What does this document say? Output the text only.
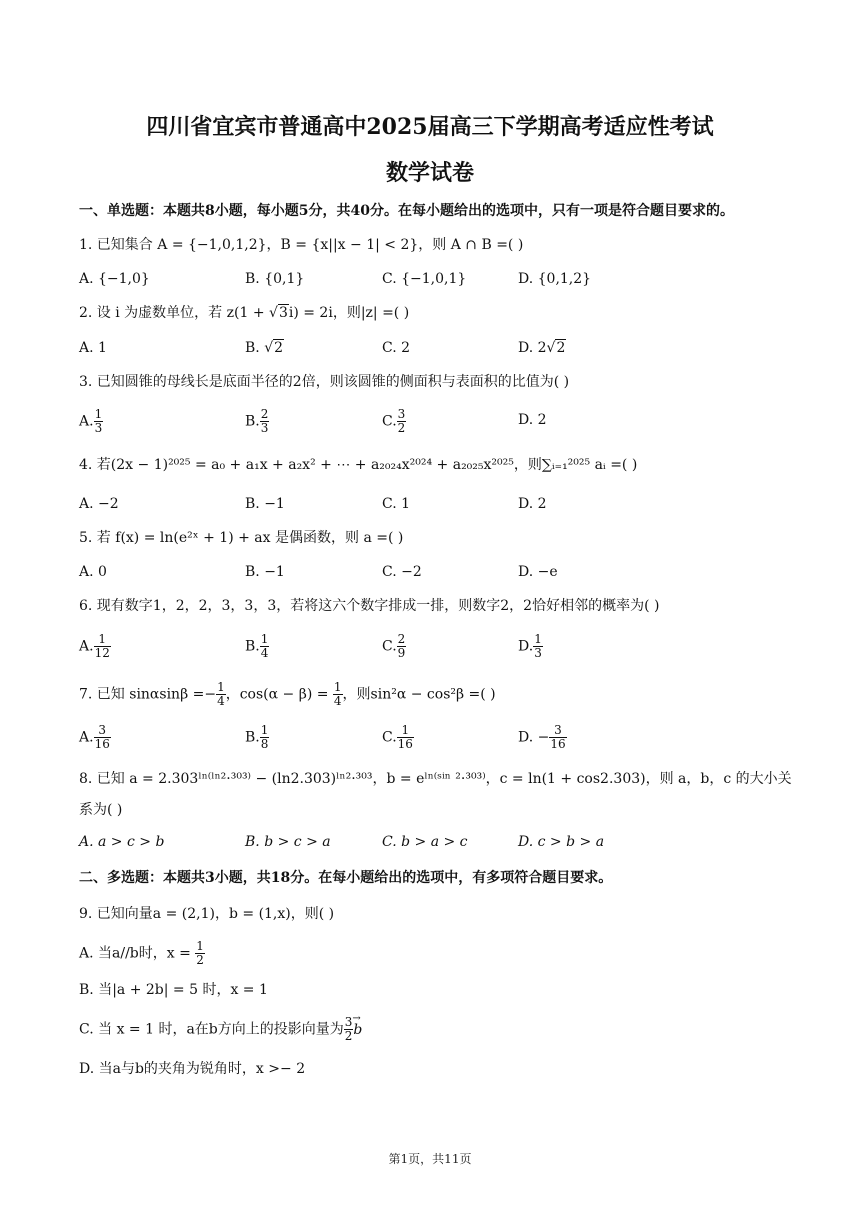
四川省宜宾市普通高中2025届高三下学期高考适应性考试
数学试卷
一、单选题：本题共8小题，每小题5分，共40分。在每小题给出的选项中，只有一项是符合题目要求的。
1. 已知集合 A = {−1,0,1,2}，B = {x||x − 1| < 2}，则 A ∩ B =( )
A. {−1,0}	B. {0,1}	C. {−1,0,1}	D. {0,1,2}
2. 设 i 为虚数单位，若 z(1 + √3i) = 2i，则|z| =( )
A. 1	B. √2	C. 2	D. 2√2
3. 已知圆锥的母线长是底面半径的2倍，则该圆锥的侧面积与表面积的比值为( )
A. $\frac{1}{3}$	B. $\frac{2}{3}$	C. $\frac{3}{2}$	D. 2
4. 若(2x − 1)²⁰²⁵ = a₀ + a₁x + a₂x² + ⋯ + a₂₀₂₄x²⁰²⁴ + a₂₀₂₅x²⁰²⁵，则∑ᵢ₌₁²⁰²⁵ aᵢ =( )
A. −2	B. −1	C. 1	D. 2
5. 若 f(x) = ln(e²ˣ + 1) + ax 是偶函数，则 a =( )
A. 0	B. −1	C. −2	D. −e
6. 现有数字1，2，2，3，3，3，若将这六个数字排成一排，则数字2，2恰好相邻的概率为( )
A. $\frac{1}{12}$	B. $\frac{1}{4}$	C. $\frac{2}{9}$	D. $\frac{1}{3}$
7. 已知 $\sin\alpha\sin\beta =- \frac{1}{4}$ ，$\cos(\alpha - \beta) = \frac{1}{4}$ ，则sin²α − cos²β =( )
A. $\frac{3}{16}$	B. $\frac{1}{8}$	C. $\frac{1}{16}$	D. − $\frac{3}{16}$
8. 已知 a = 2.303ˡⁿ⁽ˡⁿ²·³⁰³⁾ − (ln2.303)ˡⁿ²·³⁰³，b = eˡⁿ⁽ˢⁱⁿ ²·³⁰³⁾，c = ln(1 + cos2.303)，则 a，b，c 的大小关
系为( )
A. a > c > b	B. b > c > a	C. b > a > c	D. c > b > a
二、多选题：本题共3小题，共18分。在每小题给出的选项中，有多项符合题目要求。
9. 已知向量a = (2,1)，b = (1,x)，则( )
A. 当a//b时，$x = \frac{1}{2}$
B. 当|a + 2b| = 5 时，x = 1
C. 当 x = 1 时，a在b方向上的投影向量为 $\frac{3}{2}$
→ b
D. 当a与b的夹角为锐角时，x >− 2
第1页，共11页
